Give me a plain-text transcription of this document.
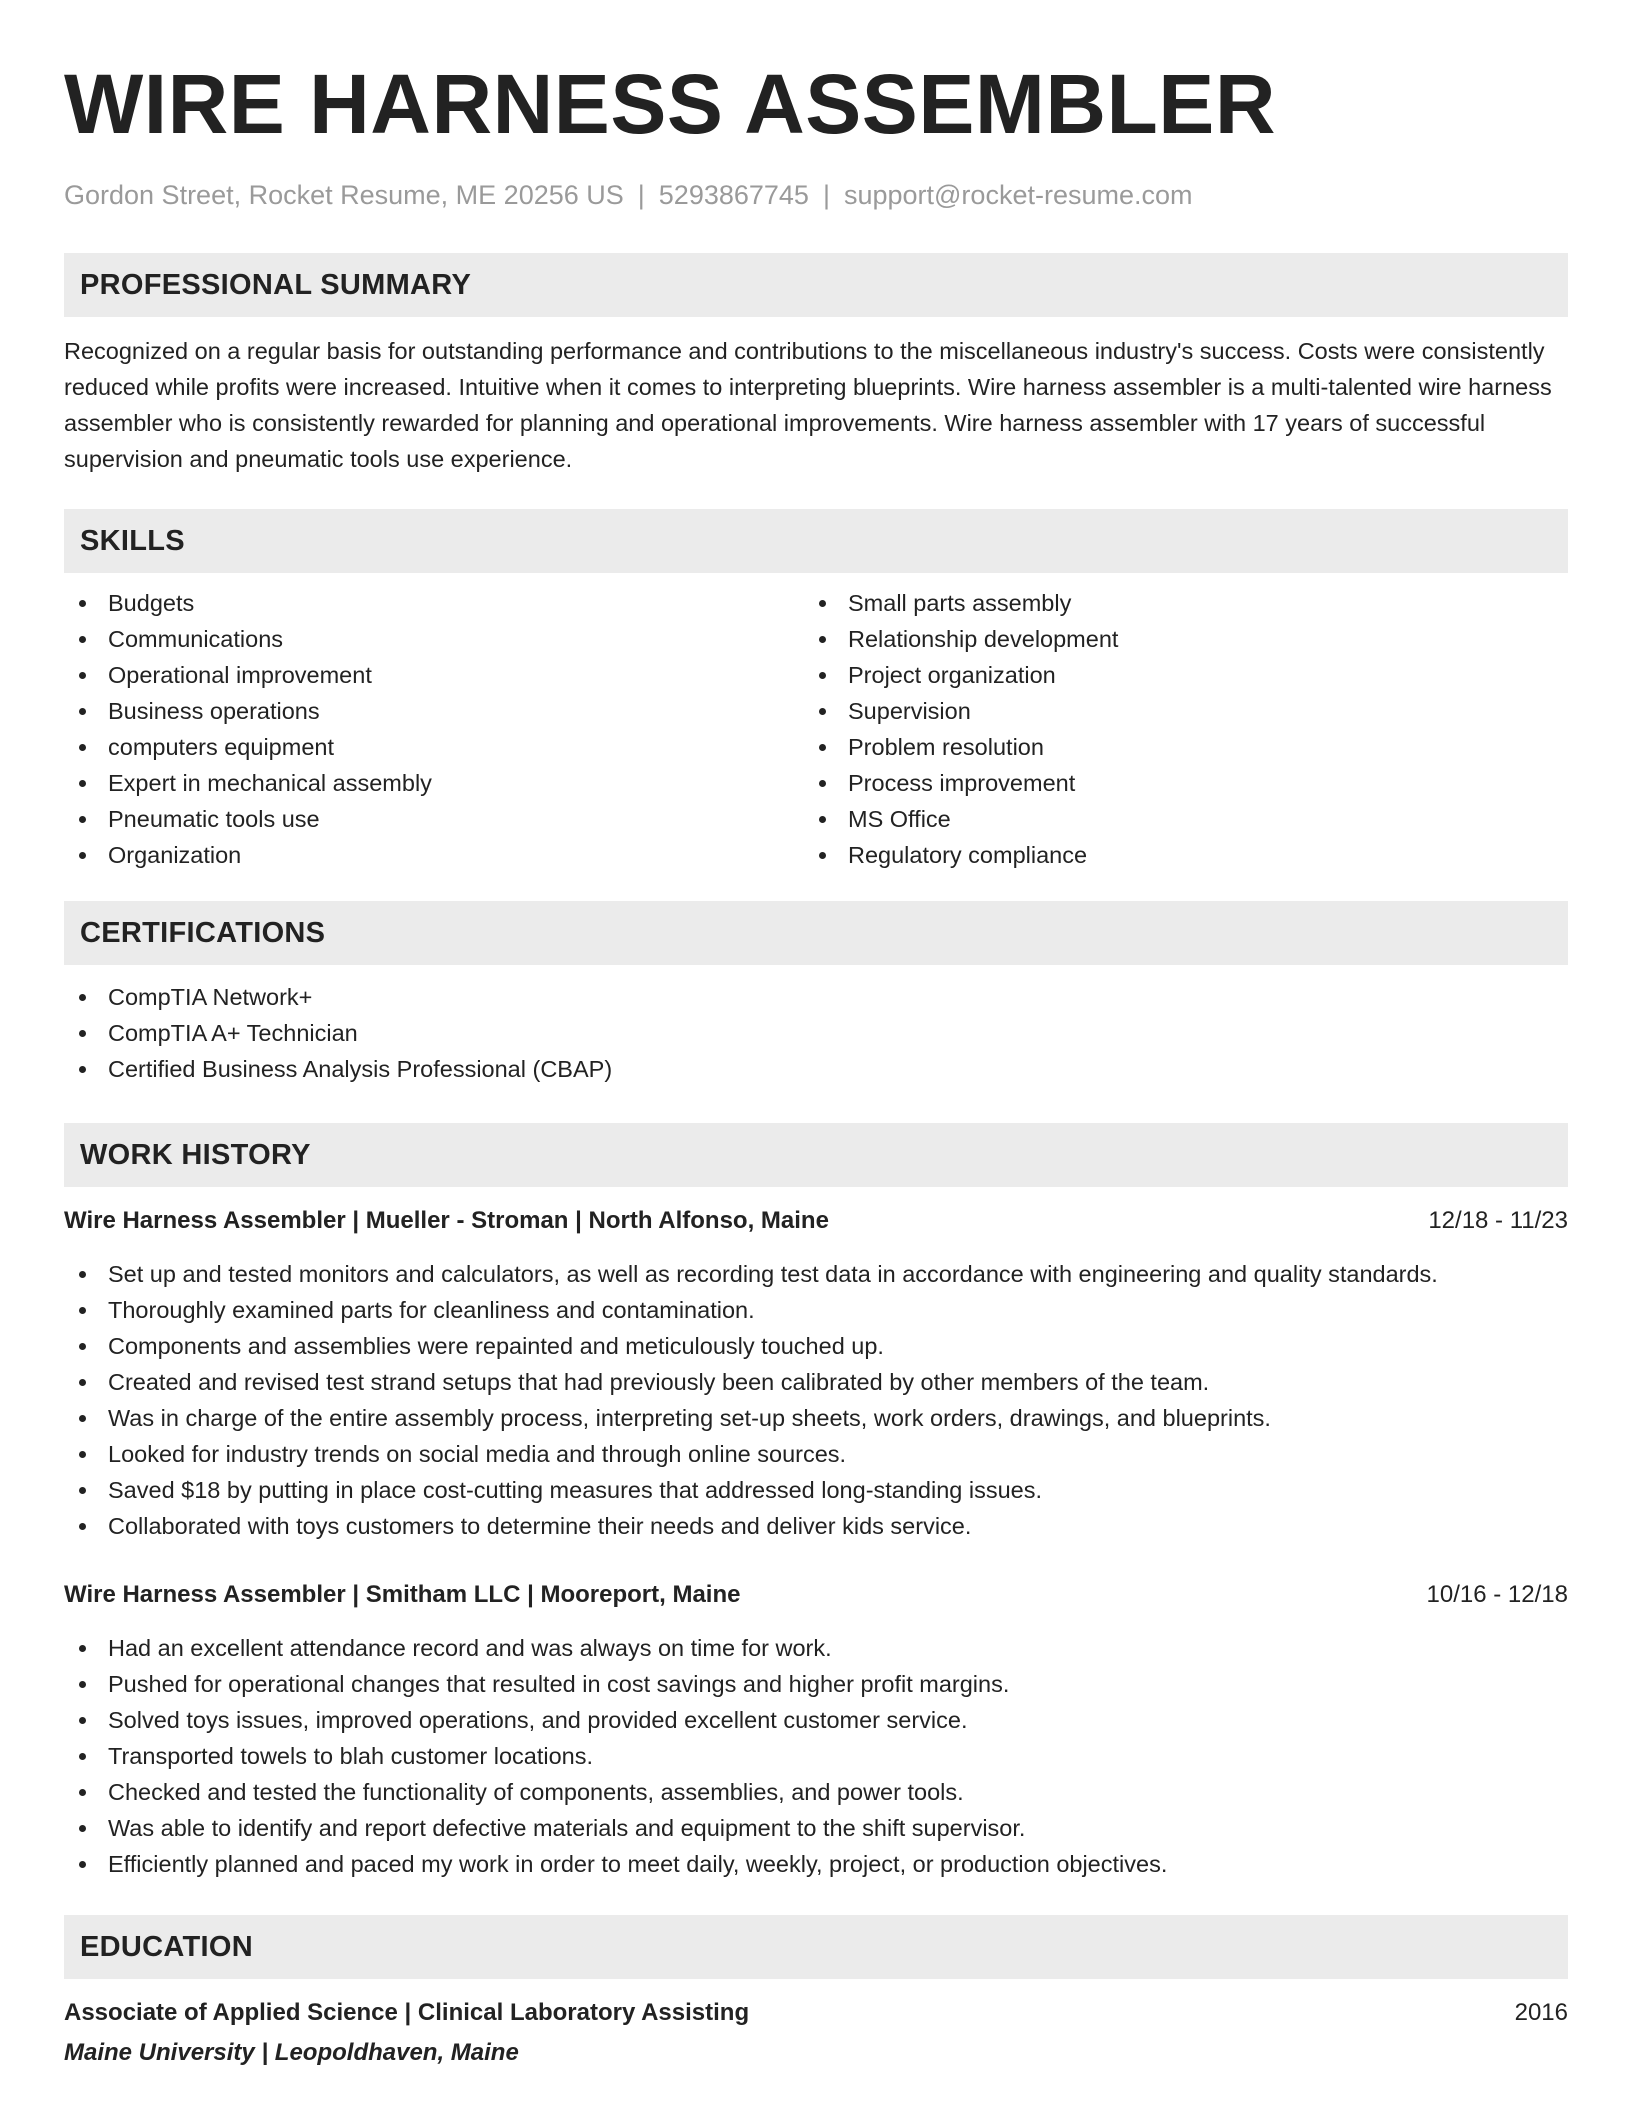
WIRE HARNESS ASSEMBLER
Gordon Street, Rocket Resume, ME 20256 US | 5293867745 | support@rocket-resume.com
PROFESSIONAL SUMMARY

Recognized on a regular basis for outstanding performance and contributions to the miscellaneous industry's success. Costs were consistently reduced while profits were increased. Intuitive when it comes to interpreting blueprints. Wire harness assembler is a multi-talented wire harness assembler who is consistently rewarded for planning and operational improvements. Wire harness assembler with 17 years of successful supervision and pneumatic tools use experience.

SKILLS
Budgets
Communications
Operational improvement
Business operations
computers equipment
Expert in mechanical assembly
Pneumatic tools use
Organization
Small parts assembly
Relationship development
Project organization
Supervision
Problem resolution
Process improvement
MS Office
Regulatory compliance
CERTIFICATIONS
CompTIA Network+
CompTIA A+ Technician
Certified Business Analysis Professional (CBAP)
WORK HISTORY
Wire Harness Assembler | Mueller - Stroman | North Alfonso, Maine	12/18 - 11/23
Set up and tested monitors and calculators, as well as recording test data in accordance with engineering and quality standards.
Thoroughly examined parts for cleanliness and contamination.
Components and assemblies were repainted and meticulously touched up.
Created and revised test strand setups that had previously been calibrated by other members of the team.
Was in charge of the entire assembly process, interpreting set-up sheets, work orders, drawings, and blueprints.
Looked for industry trends on social media and through online sources.
Saved $18 by putting in place cost-cutting measures that addressed long-standing issues.
Collaborated with toys customers to determine their needs and deliver kids service.
Wire Harness Assembler | Smitham LLC | Mooreport, Maine	10/16 - 12/18
Had an excellent attendance record and was always on time for work.
Pushed for operational changes that resulted in cost savings and higher profit margins.
Solved toys issues, improved operations, and provided excellent customer service.
Transported towels to blah customer locations.
Checked and tested the functionality of components, assemblies, and power tools.
Was able to identify and report defective materials and equipment to the shift supervisor.
Efficiently planned and paced my work in order to meet daily, weekly, project, or production objectives.
EDUCATION
Associate of Applied Science | Clinical Laboratory Assisting	2016
Maine University | Leopoldhaven, Maine
